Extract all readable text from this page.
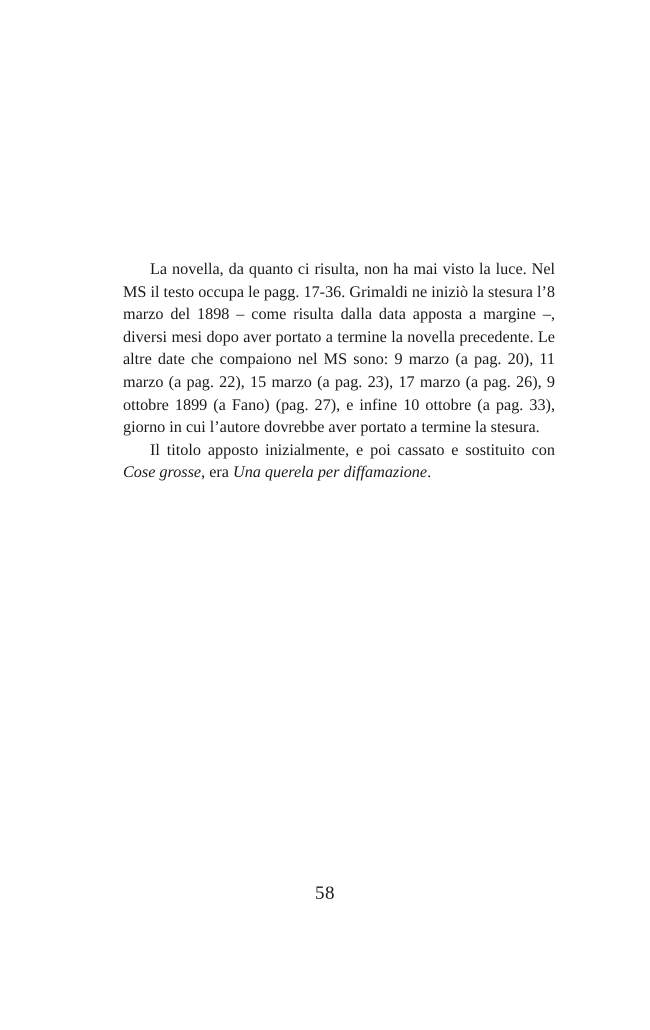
La novella, da quanto ci risulta, non ha mai visto la luce. Nel MS il testo occupa le pagg. 17-36. Grimaldi ne iniziò la stesura l’8 marzo del 1898 – come risulta dalla data apposta a margine –, diversi mesi dopo aver portato a termine la novella precedente. Le altre date che compaiono nel MS sono: 9 marzo (a pag. 20), 11 marzo (a pag. 22), 15 marzo (a pag. 23), 17 marzo (a pag. 26), 9 ottobre 1899 (a Fano) (pag. 27), e infine 10 ottobre (a pag. 33), giorno in cui l’autore dovrebbe aver portato a termine la stesura.

Il titolo apposto inizialmente, e poi cassato e sostituito con Cose grosse, era Una querela per diffamazione.

58
